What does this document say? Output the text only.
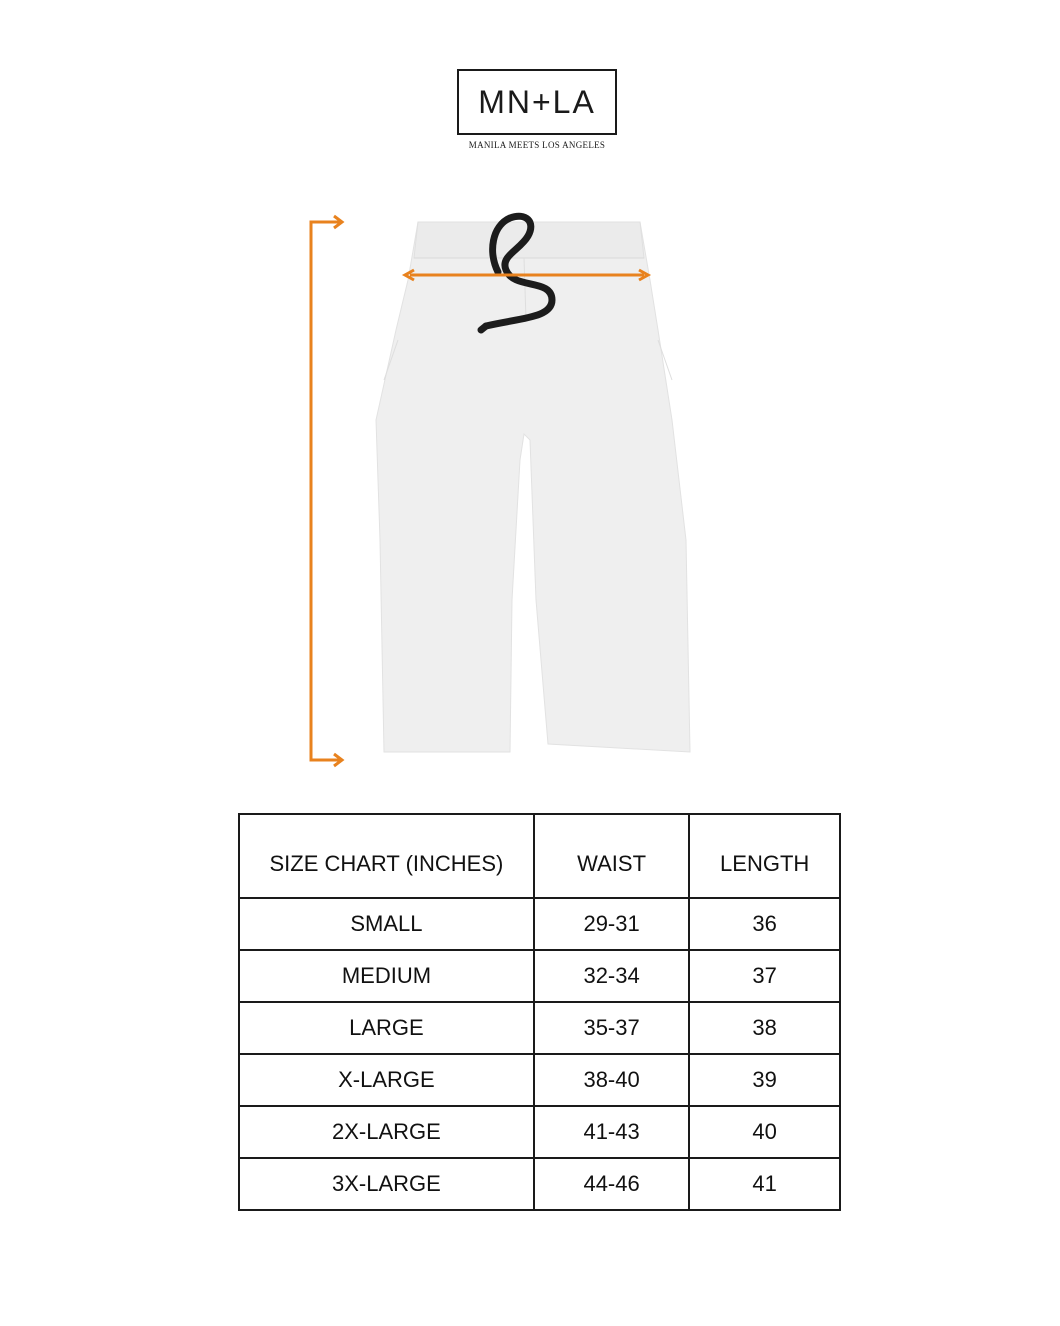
MN+LA
MANILA MEETS LOS ANGELES
SIZE CHART (INCHES)	WAIST	LENGTH
SMALL	29-31	36
MEDIUM	32-34	37
LARGE	35-37	38
X-LARGE	38-40	39
2X-LARGE	41-43	40
3X-LARGE	44-46	41
